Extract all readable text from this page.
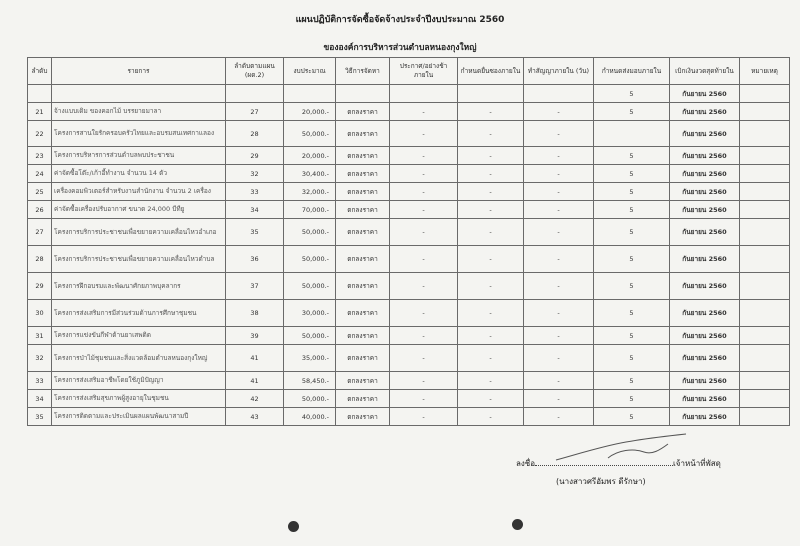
แผนปฏิบัติการจัดซื้อจัดจ้างประจำปีงบประมาณ 2560
ขององค์การบริหารส่วนตำบลหนองกุงใหญ่
ลำดับ	รายการ	ลำดับตามแผน (ผด.2)	งบประมาณ	วิธีการจัดหา	ประกาศ/อย่างช้าภายใน	กำหนดยื่นซองภายใน	ทำสัญญาภายใน (วัน)	กำหนดส่งมอบภายใน	เบิกเงินงวดสุดท้ายใน	หมายเหตุ
								5	กันยายน 2560	
21	จ้างแบบเดิม ของคอกไม้ บรรยายมาลา	27	20,000.-	ตกลงราคา	-	-	-	5	กันยายน 2560	
22	โครงการสานใยรักครอบครัวไทยและอบรมสนเทศกาแลอง	28	50,000.-	ตกลงราคา	-	-	-		กันยายน 2560	
23	โครงการบริหารการส่วนตำบลพบประชาชน	29	20,000.-	ตกลงราคา	-	-	-	5	กันยายน 2560	
24	ค่าจัดซื้อโต๊ะ/เก้าอี้ทำงาน จำนวน 14 ตัว	32	30,400.-	ตกลงราคา	-	-	-	5	กันยายน 2560	
25	เครื่องคอมพิวเตอร์สำหรับงานสำนักงาน จำนวน 2 เครื่อง	33	32,000.-	ตกลงราคา	-	-	-	5	กันยายน 2560	
26	ค่าจัดซื้อเครื่องปรับอากาศ ขนาด 24,000 บีทียู	34	70,000.-	ตกลงราคา	-	-	-	5	กันยายน 2560	
27	โครงการบริการประชาชนเพื่อขยายความเคลื่อนไหวอำเภอ	35	50,000.-	ตกลงราคา	-	-	-	5	กันยายน 2560	
28	โครงการบริการประชาชนเพื่อขยายความเคลื่อนไหวตำบล	36	50,000.-	ตกลงราคา	-	-	-	5	กันยายน 2560	
29	โครงการฝึกอบรมและพัฒนาศักยภาพบุคลากร	37	50,000.-	ตกลงราคา	-	-	-	5	กันยายน 2560	
30	โครงการส่งเสริมการมีส่วนร่วมด้านการศึกษาชุมชน	38	30,000.-	ตกลงราคา	-	-	-	5	กันยายน 2560	
31	โครงการแข่งขันกีฬาต้านยาเสพติด	39	50,000.-	ตกลงราคา	-	-	-	5	กันยายน 2560	
32	โครงการป่าไม้ชุมชนและสิ่งแวดล้อมตำบลหนองกุงใหญ่	41	35,000.-	ตกลงราคา	-	-	-	5	กันยายน 2560	
33	โครงการส่งเสริมอาชีพโดยใช้ภูมิปัญญา	41	58,450.-	ตกลงราคา	-	-	-	5	กันยายน 2560	
34	โครงการส่งเสริมสุขภาพผู้สูงอายุในชุมชน	42	50,000.-	ตกลงราคา	-	-	-	5	กันยายน 2560	
35	โครงการติดตามและประเมินผลแผนพัฒนาสามปี	43	40,000.-	ตกลงราคา	-	-	-	5	กันยายน 2560	
ลงชื่อ	เจ้าหน้าที่พัสดุ
(นางสาวศรีอัมพร ดีรักษา)
